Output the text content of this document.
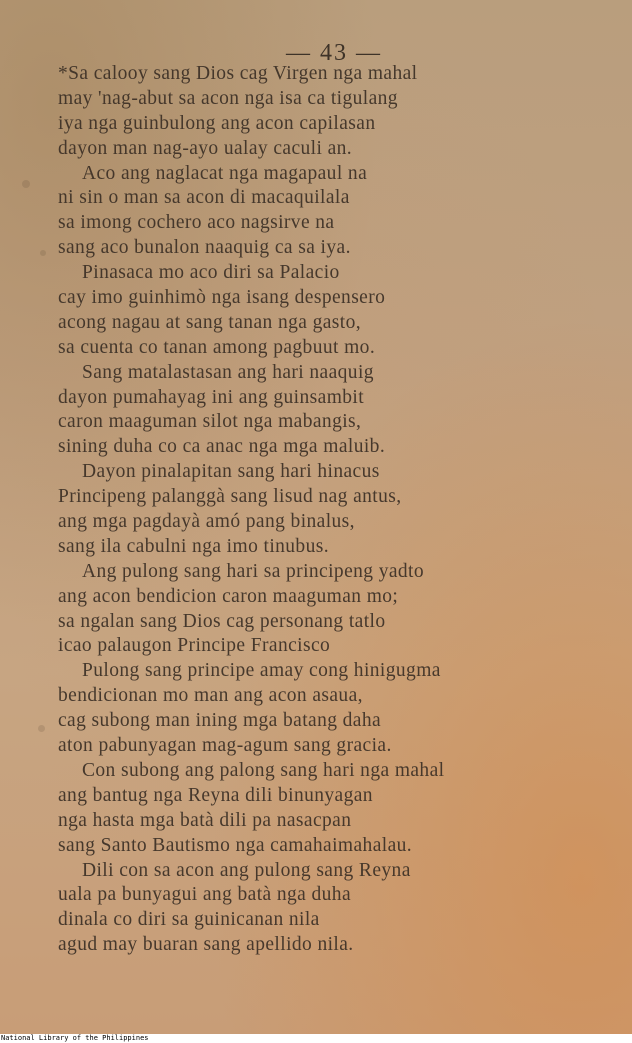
— 43 —
*Sa calooy sang Dios cag Virgen nga mahal
may 'nag-abut sa acon nga isa ca tigulang
iya nga guinbulong ang acon capilasan
dayon man nag-ayo ualay caculi an.
Aco ang naglacat nga magapaul na
ni sin o man sa acon di macaquilala
sa imong cochero aco nagsirve na
sang aco bunalon naaquig ca sa iya.
Pinasaca mo aco diri sa Palacio
cay imo guinhimò nga isang despensero
acong nagau at sang tanan nga gasto,
sa cuenta co tanan among pagbuut mo.
Sang matalastasan ang hari naaquig
dayon pumahayag ini ang guinsambit
caron maaguman silot nga mabangis,
sining duha co ca anac nga mga maluib.
Dayon pinalapitan sang hari hinacus
Principeng palanggà sang lisud nag antus,
ang mga pagdayà amó pang binalus,
sang ila cabulni nga imo tinubus.
Ang pulong sang hari sa principeng yadto
ang acon bendicion caron maaguman mo;
sa ngalan sang Dios cag personang tatlo
icao palaugon Principe Francisco
Pulong sang principe amay cong hinigugma
bendicionan mo man ang acon asaua,
cag subong man ining mga batang daha
aton pabunyagan mag-agum sang gracia.
Con subong ang palong sang hari nga mahal
ang bantug nga Reyna dili binunyagan
nga hasta mga batà dili pa nasacpan
sang Santo Bautismo nga camahaimahalau.
Dili con sa acon ang pulong sang Reyna
uala pa bunyagui ang batà nga duha
dinala co diri sa guinicanan nila
agud may buaran sang apellido nila.
National Library of the Philippines
